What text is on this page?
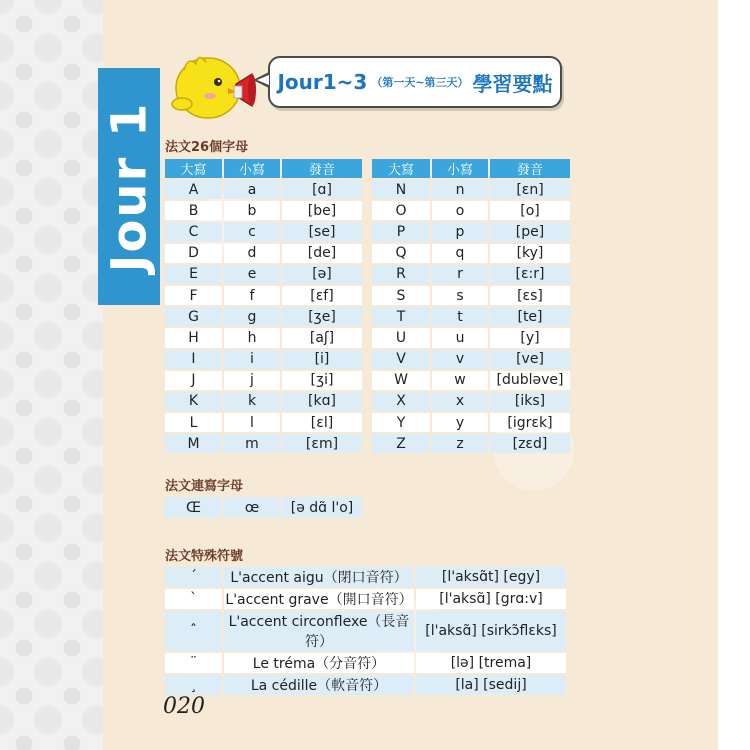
Jour 1
Jour1~3 （第一天~第三天） 學習要點
法文26個字母
大寫	小寫	發音
A	a	[ɑ]
B	b	[be]
C	c	[se]
D	d	[de]
E	e	[ə]
F	f	[ɛf]
G	g	[ʒe]
H	h	[aʃ]
I	i	[i]
J	j	[ʒi]
K	k	[kɑ]
L	l	[ɛl]
M	m	[ɛm]
大寫	小寫	發音
N	n	[ɛn]
O	o	[o]
P	p	[pe]
Q	q	[ky]
R	r	[ɛ:r]
S	s	[ɛs]
T	t	[te]
U	u	[y]
V	v	[ve]
W	w	[dubləve]
X	x	[iks]
Y	y	[igrɛk]
Z	z	[zɛd]
法文連寫字母
Œ	œ	[ə dɑ̃ l'o]
法文特殊符號
´	L'accent aigu（閉口音符）	[l'aksɑ̃t] [egy]
`	L'accent grave（開口音符）	[l'aksɑ̃] [grɑ:v]
ˆ	L'accent circonflexe（長音符）	[l'aksɑ̃] [sirkɔ̃flɛks]
¨	Le tréma（分音符）	[lə] [trema]
¸	La cédille（軟音符）	[la] [sedij]
020
